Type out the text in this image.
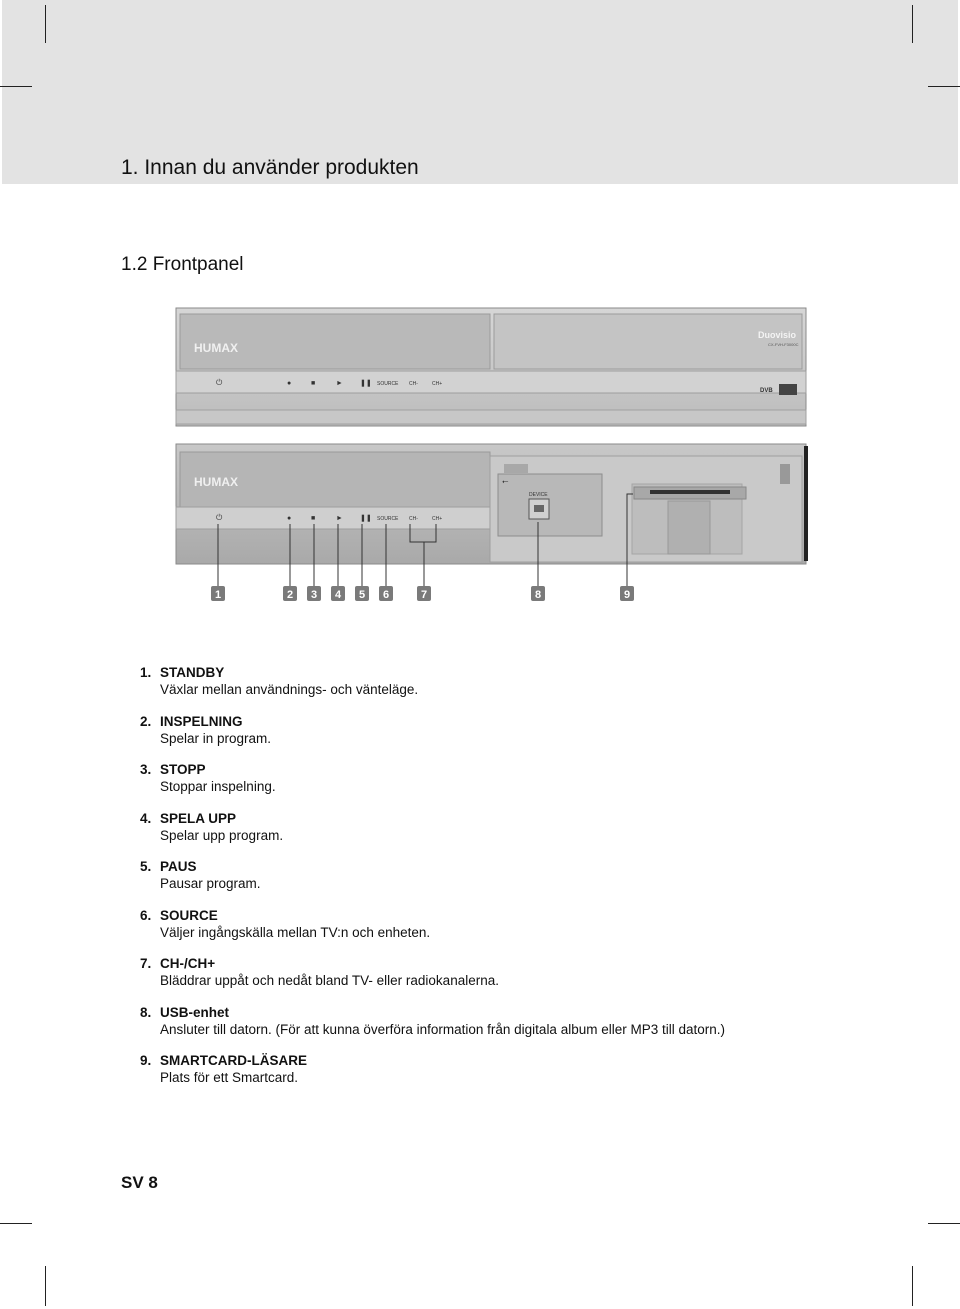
1. Innan du använder produkten
1.2 Frontpanel
HUMAX
Duovisio
CX-FVH-F3000C
⏻	●	■	► ❚❚ SOURCE CH-	CH+
DVB
HUMAX	⭠
DEVICE
⏻	●	■	► ❚❚ SOURCE CH-	CH+
1	2 3 4 5 6	7	8	9
1. STANDBY
Växlar mellan användnings- och vänteläge.
2. INSPELNING
Spelar in program.
3. STOPP
Stoppar inspelning.
4. SPELA UPP
Spelar upp program.
5. PAUS
Pausar program.
6. SOURCE
Väljer ingångskälla mellan TV:n och enheten.
7. CH-/CH+
Bläddrar uppåt och nedåt bland TV- eller radiokanalerna.
8. USB-enhet
Ansluter till datorn. (För att kunna överföra information från digitala album eller MP3 till datorn.)
9. SMARTCARD-LÄSARE
Plats för ett Smartcard.
SV 8
